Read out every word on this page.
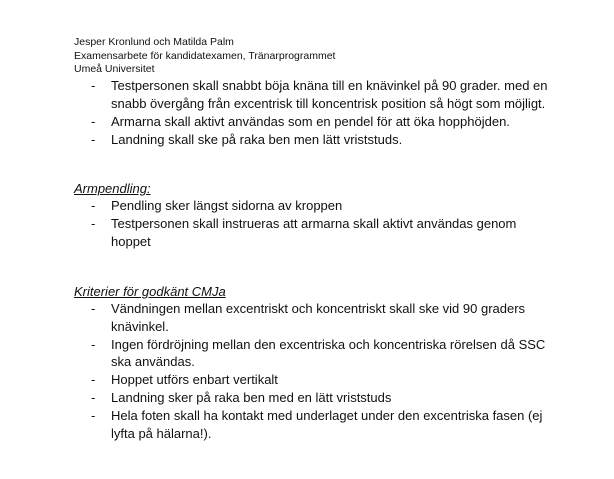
Jesper Kronlund och Matilda Palm
Examensarbete för kandidatexamen, Tränarprogrammet
Umeå Universitet
- Testpersonen skall snabbt böja knäna till en knävinkel på 90 grader. med en snabb övergång från excentrisk till koncentrisk position så högt som möjligt.
- Armarna skall aktivt användas som en pendel för att öka hopphöjden.
- Landning skall ske på raka ben men lätt vriststuds.
Armpendling:
- Pendling sker längst sidorna av kroppen
- Testpersonen skall instrueras att armarna skall aktivt användas genom hoppet
Kriterier för godkänt CMJa
- Vändningen mellan excentriskt och koncentriskt skall ske vid 90 graders knävinkel.
- Ingen fördröjning mellan den excentriska och koncentriska rörelsen då SSC ska användas.
- Hoppet utförs enbart vertikalt
- Landning sker på raka ben med en lätt vriststuds
- Hela foten skall ha kontakt med underlaget under den excentriska fasen (ej lyfta på hälarna!).
